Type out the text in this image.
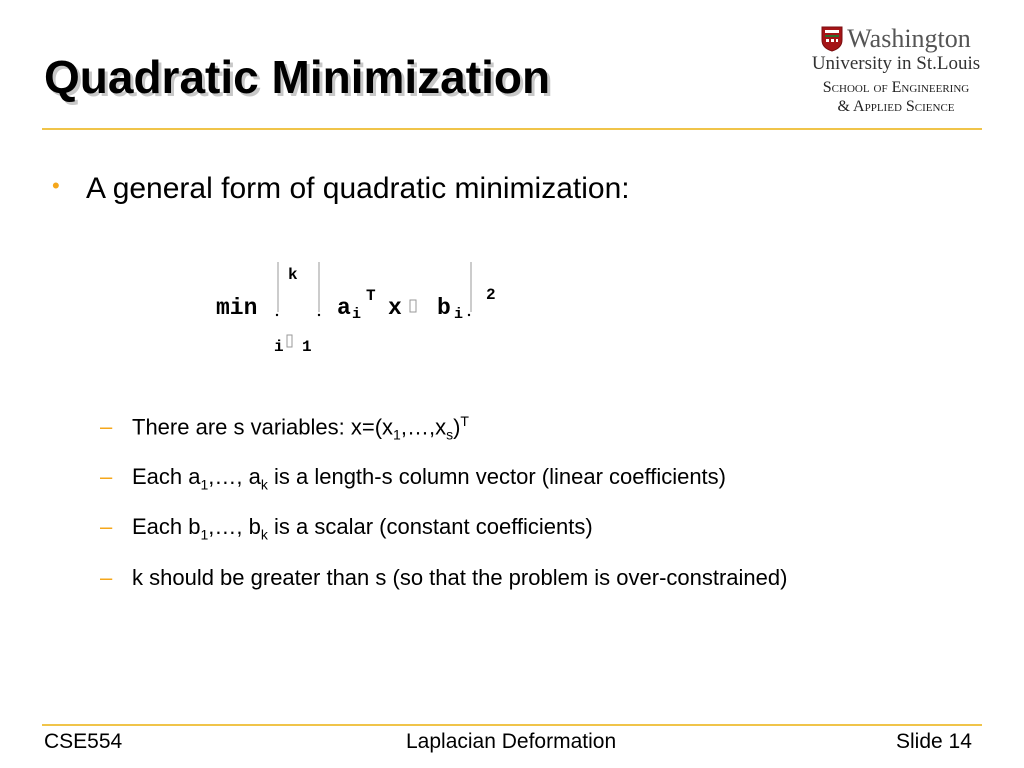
Quadratic Minimization
Washington
University in St.Louis
School of Engineering
& Applied Science
• A general form of quadratic minimization:
min
k
i 1
a i
T x b i
2
– There are s variables: $x=(x_1,\dots,x_s)^T$
– Each $a_1,\dots$, $a_k$ is a length-s column vector (linear coefficients)
– Each $b_1,\dots$, $b_k$ is a scalar (constant coefficients)
– k should be greater than s (so that the problem is over-constrained)
CSE554	Laplacian Deformation	Slide 14
